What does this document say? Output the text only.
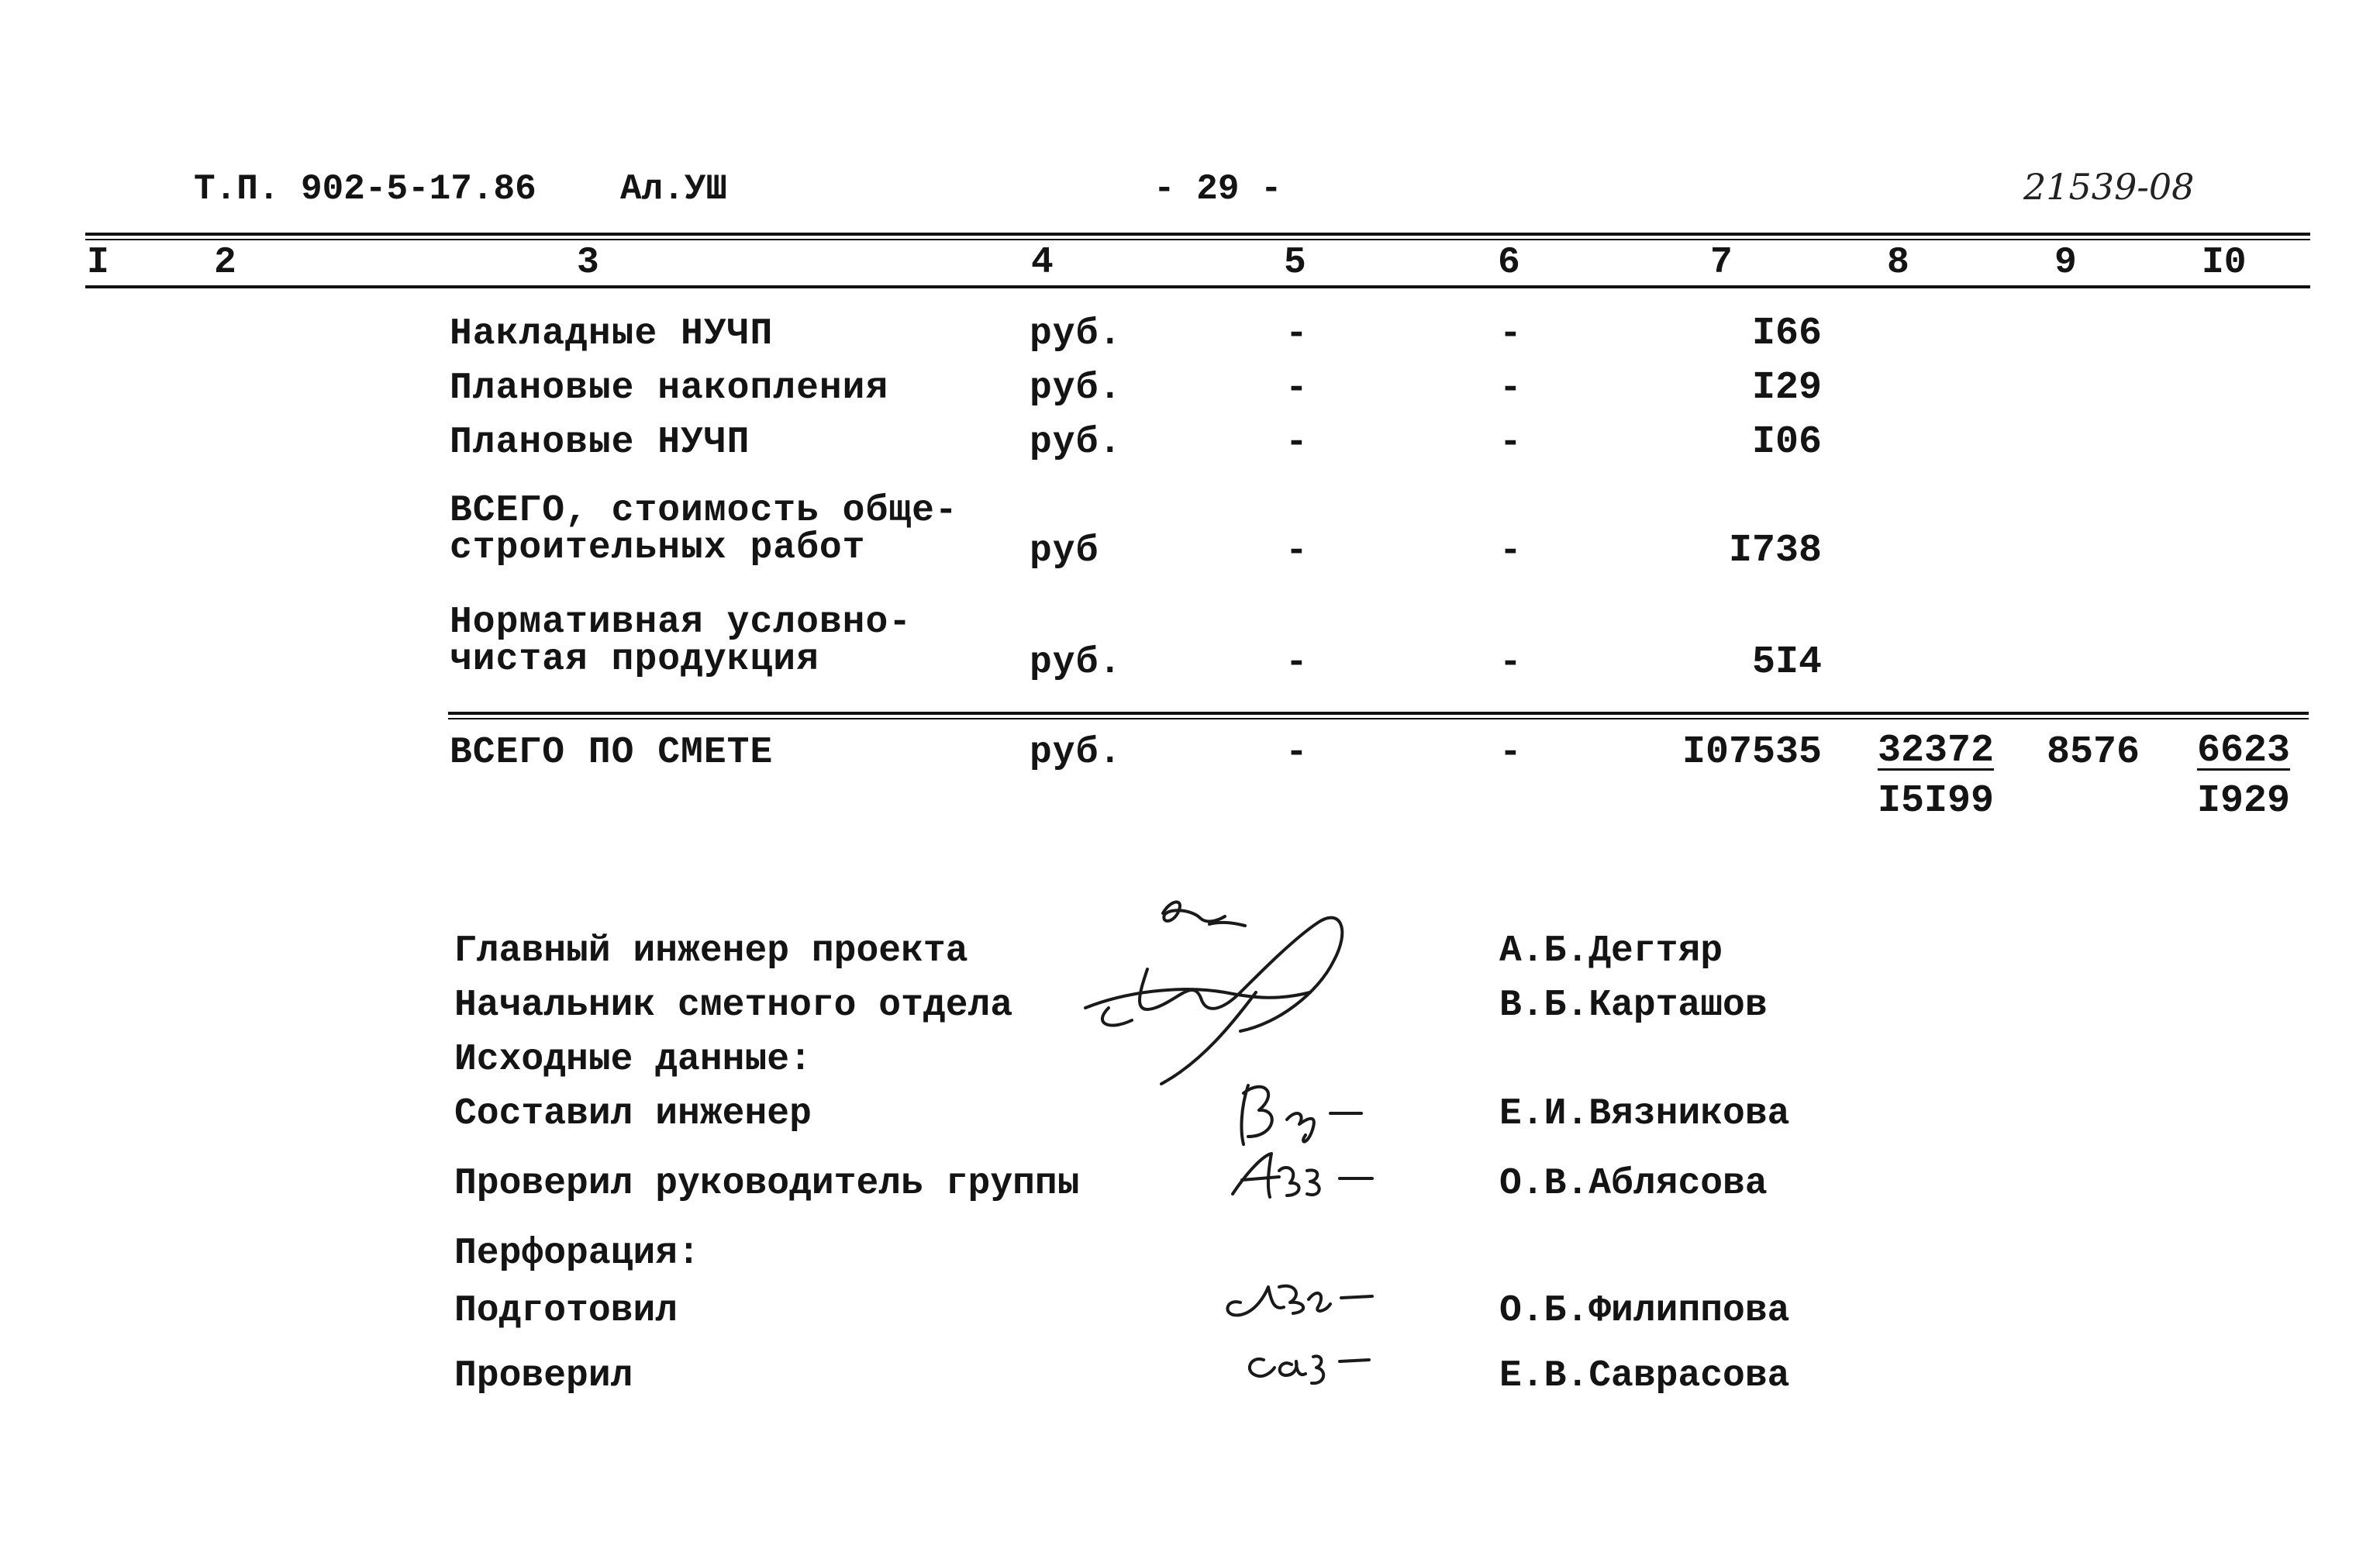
Т.П. 902-5-17.86 Ал.УШ	- 29 -	21539-08
I	2	3	4	5	6	7	8	9	I0
Накладные НУЧП	руб.	-	-	I66
Плановые накопления	руб.	-	-	I29
Плановые НУЧП	руб.	-	-	I06
ВСЕГО, стоимость обще-
строительных работ	руб	-	-	I738
Нормативная условно-
чистая продукция	руб.	-	-	5I4
ВСЕГО ПО СМЕТЕ	руб.	-	-	$I07535 \frac{32372}{I5I99} 8576 \frac{6623}{I929}$
Главный инженер проекта	А.Б.Дегтяр
Начальник сметного отдела	В.Б.Карташов
Исходные данные:
Составил инженер	Е.И.Вязникова
Проверил руководитель группы	О.В.Аблясова
Перфорация:
Подготовил	О.Б.Филиппова
Проверил	Е.В.Саврасова
